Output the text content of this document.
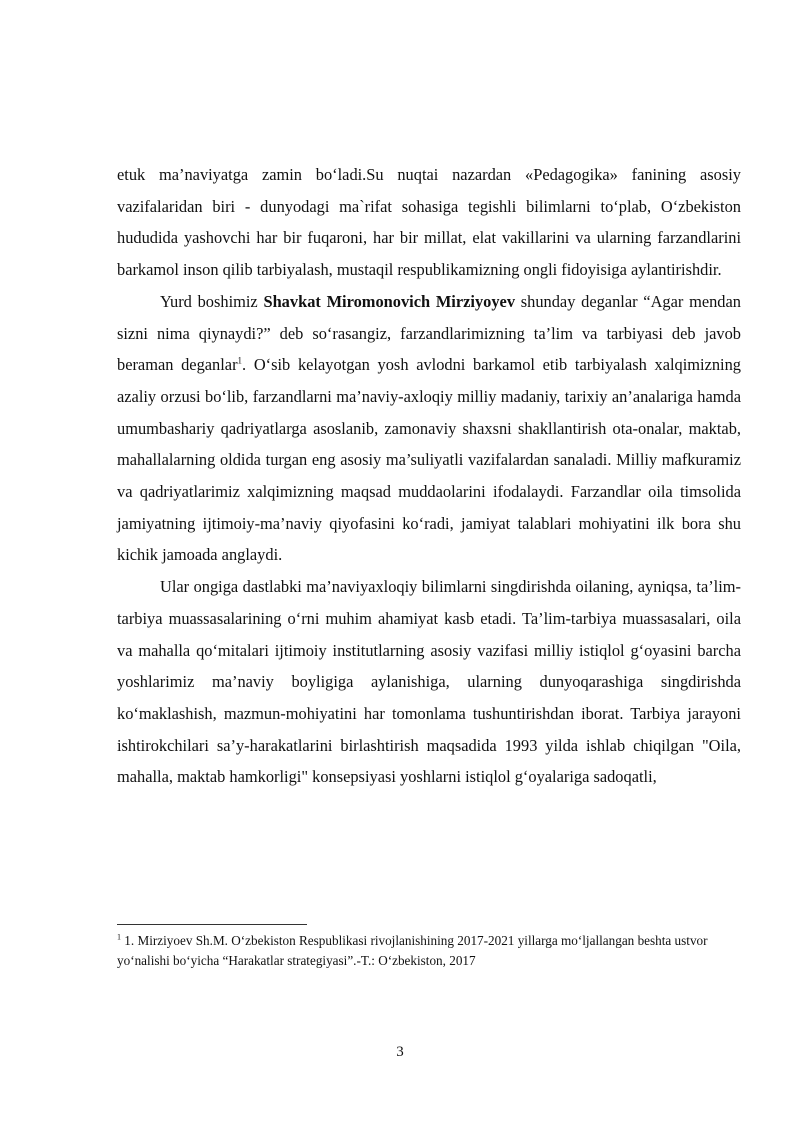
etuk ma’naviyatga zamin bo‘ladi.Su nuqtai nazardan «Pedagogika» fanining asosiy vazifalaridan biri - dunyodagi ma`rifat sohasiga tegishli bilimlarni to‘plab, O‘zbekiston hududida yashovchi har bir fuqaroni, har bir millat, elat vakillarini va ularning farzandlarini barkamol inson qilib tarbiyalash, mustaqil respublikamizning ongli fidoyisiga aylantirishdir.

Yurd boshimiz Shavkat Miromonovich Mirziyoyev shunday deganlar “Agar mendan sizni nima qiynaydi?” deb so‘rasangiz, farzandlarimizning ta’lim va tarbiyasi deb javob beraman deganlar$^1$. O‘sib kelayotgan yosh avlodni barkamol etib tarbiyalash xalqimizning azaliy orzusi bo‘lib, farzandlarni ma’naviy-axloqiy milliy madaniy, tarixiy an’analariga hamda umumbashariy qadriyatlarga asoslanib, zamonaviy shaxsni shakllantirish ota-onalar, maktab, mahallalarning oldida turgan eng asosiy ma’suliyatli vazifalardan sanaladi. Milliy mafkuramiz va qadriyatlarimiz xalqimizning maqsad muddaolarini ifodalaydi. Farzandlar oila timsolida jamiyatning ijtimoiy-ma’naviy qiyofasini ko‘radi, jamiyat talablari mohiyatini ilk bora shu kichik jamoada anglaydi.

Ular ongiga dastlabki ma’naviyaxloqiy bilimlarni singdirishda oilaning, ayniqsa, ta’lim-tarbiya muassasalarining o‘rni muhim ahamiyat kasb etadi. Ta’lim-tarbiya muassasalari, oila va mahalla qo‘mitalari ijtimoiy institutlarning asosiy vazifasi milliy istiqlol g‘oyasini barcha yoshlarimiz ma’naviy boyligiga aylanishiga, ularning dunyoqarashiga singdirishda ko‘maklashish, mazmun-mohiyatini har tomonlama tushuntirishdan iborat. Tarbiya jarayoni ishtirokchilari sa’y-harakatlarini birlashtirish maqsadida 1993 yilda ishlab chiqilgan "Oila, mahalla, maktab hamkorligi" konsepsiyasi yoshlarni istiqlol g‘oyalariga sadoqatli,

$^1$ 1. Mirziyoev Sh.M. O‘zbekiston Respublikasi rivojlanishining 2017-2021 yillarga mo‘ljallangan beshta ustvor yo‘nalishi bo‘yicha “Harakatlar strategiyasi”.-T.: O‘zbekiston, 2017

3
